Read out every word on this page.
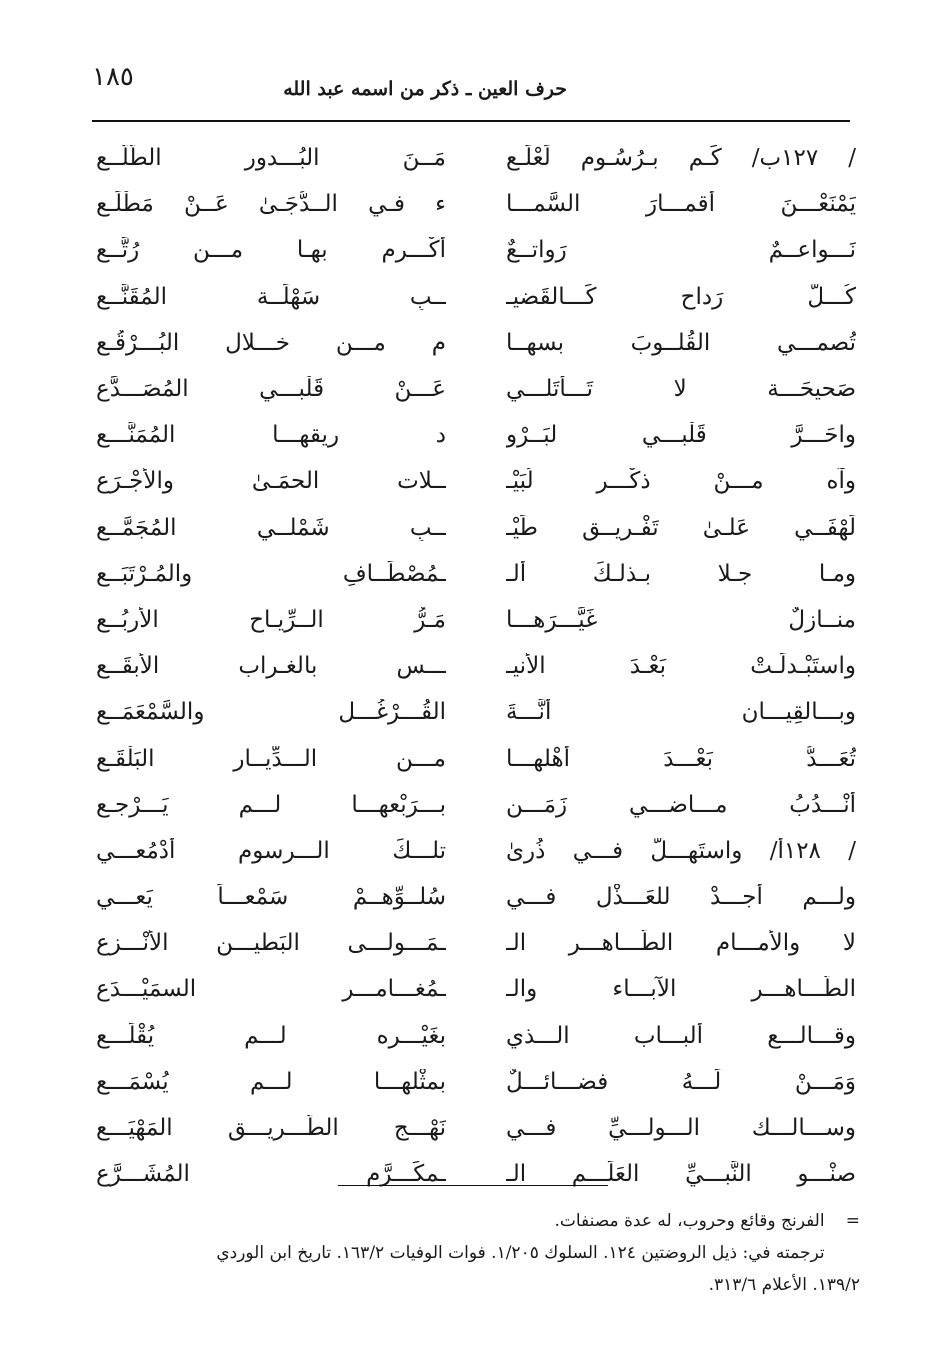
١٨٥	حرف العين ـ ذكر من اسمه عبد الله
/ ١٢٧ب/ كَـم بـرُسُـوم لَعْلَـع
مَــنَ البُـــدور الطُّلَّــع
يَمْنَعْـــنَ أقمـــارَ السَّمـــا
ء فـي الــدُّجَـىٰ عَــنْ مَطْلَـع
نَـــواعــمٌ رَواتــعٌ
أَكْـــرم بهـا مـــن رُتَّــع
كُـــلّ رَداحٍ كَـــالقَضيـ
ــبِ سَهْلَــة المُقَنَّــع
تُصمـــي القُلــوبَ بسهــا
م مـــن خـــلال البُـــرْقُـع
صَحيحَـــة لا تَـــأْتَلـــي
عَـــنْ قَلْبـــي المُصَـــدَّع
واحَـــرَّ قَلْبـــي لبَــرْو
د ريقهـــا المُمَنَّـــع
وآه مـــنْ ذكْـــر لُبَيْـ
ــلات الحمَـىٰ والأَجْـرَع
لَهْفَــي عَلـىٰ تَفْـريــق طَيْـ
ــبِ شَمْلــي المُجَمَّــع
ومـا جـلا بـذلـكَ ألـ
ـمُصْطَــافِ والمُـرْتَبَــع
منــازلٌ غَيَّـــرَهـــا
مَـرُّ الــرِّيـاحِ الأربُــع
واستَبْـدلَـتْ بَعْـدَ الأنيـ
ـــس بالغـراب الأبقَــع
وبـــالقِيـــان أنَّـــةَ
القُـــرْغُـــل والسَّمْعَمَــع
تُعَـــدُّ بَعْـــدَ أَهْلهـــا
مـــن الـــدِّيــار البَلْقَـع
أنْـــدُبُ مـــاضـــي زَمَـــن
بـــرَبْعهـــا لـــم يَـــرْجـع
/ ١٢٨أ/ واستَهـــلُّ فـــي ذُرىٰ
تلـــكَ الـــرسوم أدْمُعـــي
ولـــم أجـــدْ للعَـــذْلِ فـــي
سُلــوِّهــمْ سَمْعـــاً يَعـــي
لا والأمـــامِ الطَّـــاهـــر الـ
ـمَـــولـــى البَطيـــن الأَنْـــزع
الطَّـــاهـــر الآبـــاء والـ
ـمُغـــامـــر السمَيْـــدَع
وقـــالـــع ألبـــاب الـــذي
بغَيْـــره لـــم يُقْلَـــع
وَمَـــنْ لَـــهُ فضـــائـــلٌ
بمثْلهـــا لـــم يُسْمَـــع
وســـالـــك الـــولـــيِّ فـــي
نَهْـــجِ الطَّـــريـــق المَهْيَـــع
صنْـــو النَّبـــيِّ العَلَـــم الـ
ـمكَـــرَّم المُشَـــرَّع
= الفرنج وقائع وحروب، له عدة مصنفات.
ترجمته في: ذيل الروضتين ١٢٤. السلوك ١/٢٠٥. فوات الوفيات ١٦٣/٢. تاريخ ابن الوردي
١٣٩/٢. الأعلام ٣١٣/٦.
